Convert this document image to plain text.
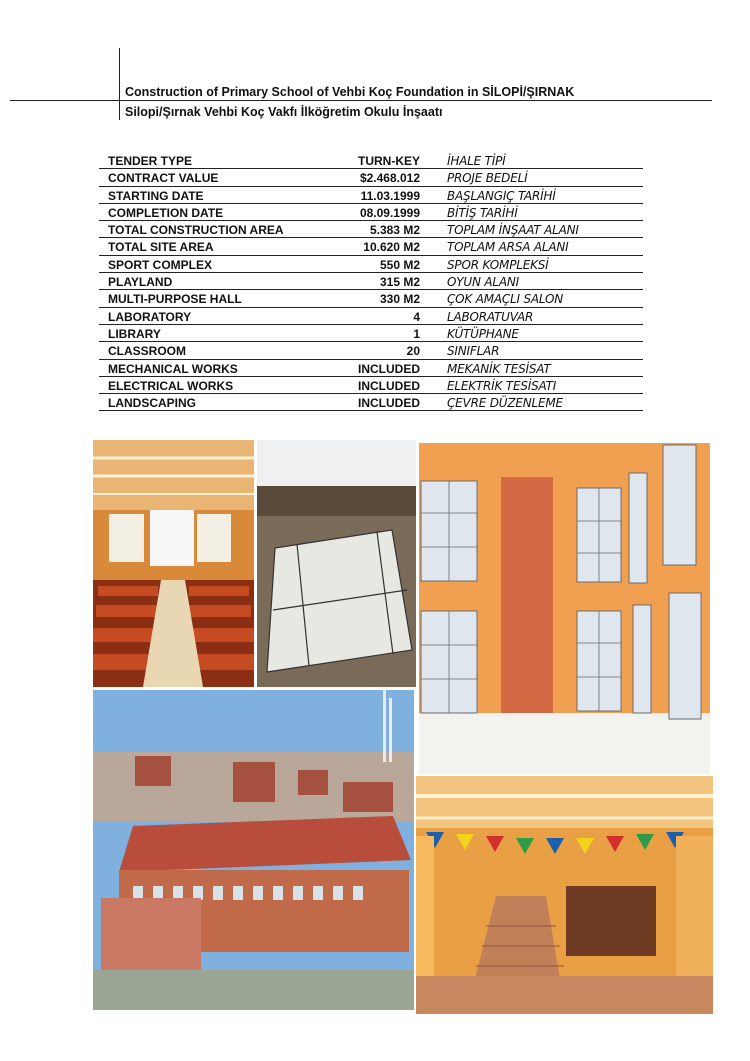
Construction of Primary School of Vehbi Koç Foundation in SİLOPİ/ŞIRNAK
Silopi/Şırnak Vehbi Koç Vakfı İlköğretim Okulu İnşaatı
TENDER TYPE	TURN-KEY İHALE TİPİ
CONTRACT VALUE	$2.468.012 PROJE BEDELİ
STARTING DATE	11.03.1999 BAŞLANGIÇ TARİHİ
COMPLETION DATE	08.09.1999 BİTİŞ TARİHİ
TOTAL CONSTRUCTION AREA	5.383 M2 TOPLAM İNŞAAT ALANI
TOTAL SITE AREA	10.620 M2 TOPLAM ARSA ALANI
SPORT COMPLEX	550 M2 SPOR KOMPLEKSİ
PLAYLAND	315 M2 OYUN ALANI
MULTI-PURPOSE HALL	330 M2 ÇOK AMAÇLI SALON
LABORATORY	4 LABORATUVAR
LIBRARY	1 KÜTÜPHANE
CLASSROOM	20 SINIFLAR
MECHANICAL WORKS	INCLUDED MEKANİK TESİSAT
ELECTRICAL WORKS	INCLUDED ELEKTRİK TESİSATI
LANDSCAPING	INCLUDED ÇEVRE DÜZENLEME
